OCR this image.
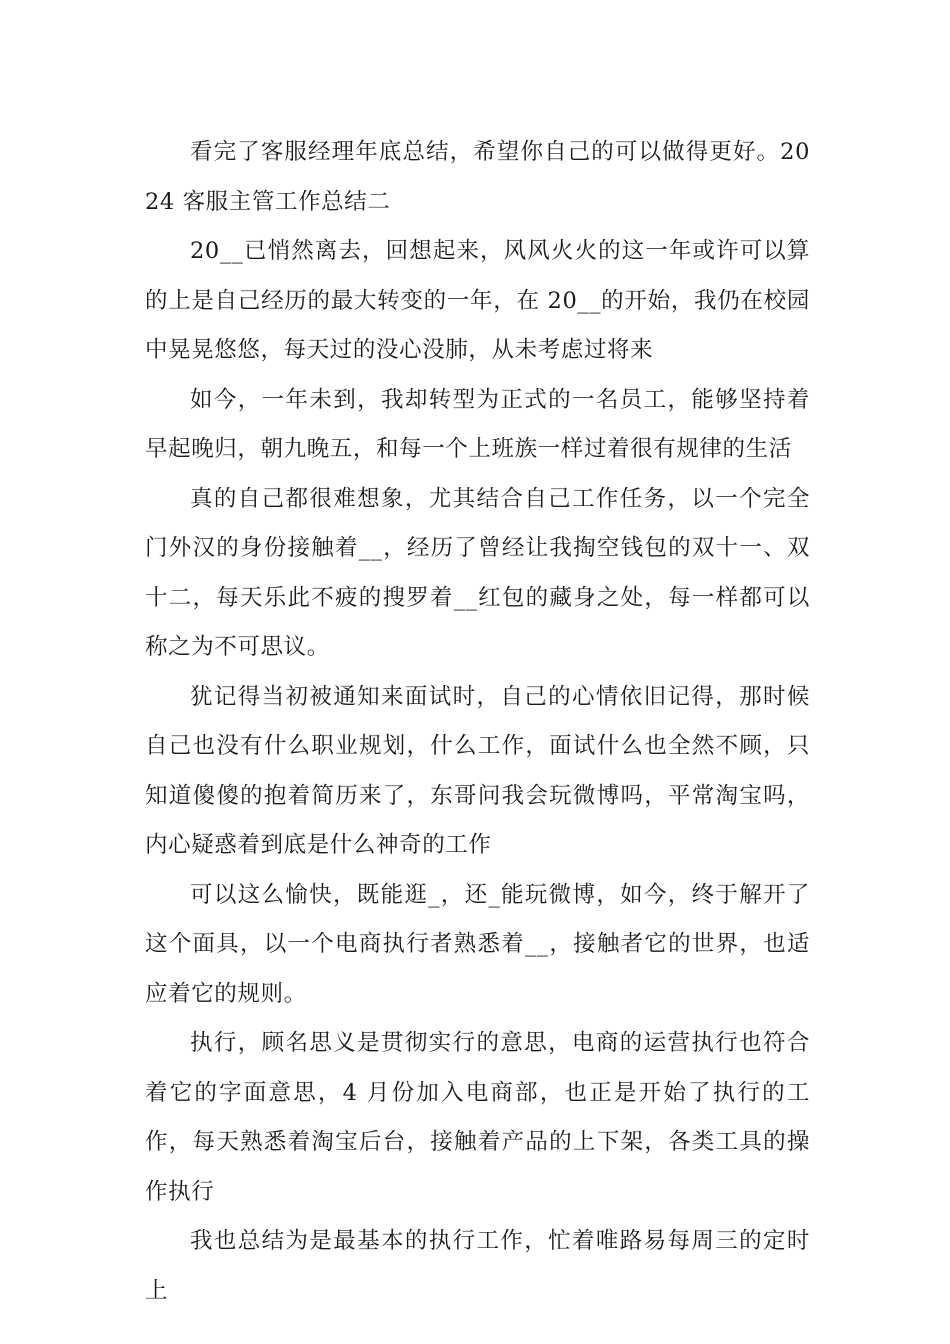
看完了客服经理年底总结，希望你自己的可以做得更好。2024 客服主管工作总结二

20__已悄然离去，回想起来，风风火火的这一年或许可以算的上是自己经历的最大转变的一年，在 20__的开始，我仍在校园中晃晃悠悠，每天过的没心没肺，从未考虑过将来

如今，一年未到，我却转型为正式的一名员工，能够坚持着早起晚归，朝九晚五，和每一个上班族一样过着很有规律的生活

真的自己都很难想象，尤其结合自己工作任务，以一个完全门外汉的身份接触着__，经历了曾经让我掏空钱包的双十一、双十二，每天乐此不疲的搜罗着__红包的藏身之处，每一样都可以称之为不可思议。

犹记得当初被通知来面试时，自己的心情依旧记得，那时候自己也没有什么职业规划，什么工作，面试什么也全然不顾，只知道傻傻的抱着简历来了，东哥问我会玩微博吗，平常淘宝吗，内心疑惑着到底是什么神奇的工作

可以这么愉快，既能逛_，还_能玩微博，如今，终于解开了这个面具，以一个电商执行者熟悉着__，接触者它的世界，也适应着它的规则。

执行，顾名思义是贯彻实行的意思，电商的运营执行也符合着它的字面意思，4 月份加入电商部，也正是开始了执行的工作，每天熟悉着淘宝后台，接触着产品的上下架，各类工具的操作执行

我也总结为是最基本的执行工作，忙着唯路易每周三的定时上
